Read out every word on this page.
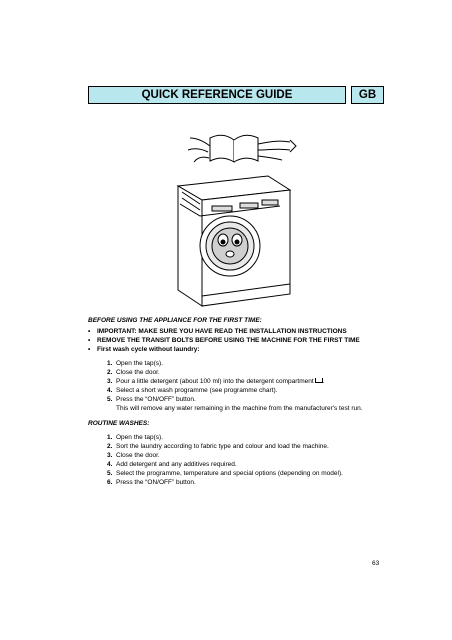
QUICK REFERENCE GUIDE	GB
BEFORE USING THE APPLIANCE FOR THE FIRST TIME:
•	IMPORTANT: MAKE SURE YOU HAVE READ THE INSTALLATION INSTRUCTIONS
•	REMOVE THE TRANSIT BOLTS BEFORE USING THE MACHINE FOR THE FIRST TIME
•	First wash cycle without laundry:
1. Open the tap(s).
2. Close the door.
3. Pour a little detergent (about 100 ml) into the detergent compartment .
4. Select a short wash programme (see programme chart).
5. Press the “ON/OFF” button.
This will remove any water remaining in the machine from the manufacturer's test run.
ROUTINE WASHES:
1. Open the tap(s).
2. Sort the laundry according to fabric type and colour and load the machine.
3. Close the door.
4. Add detergent and any additives required.
5. Select the programme, temperature and special options (depending on model).
6. Press the “ON/OFF” button.
63
